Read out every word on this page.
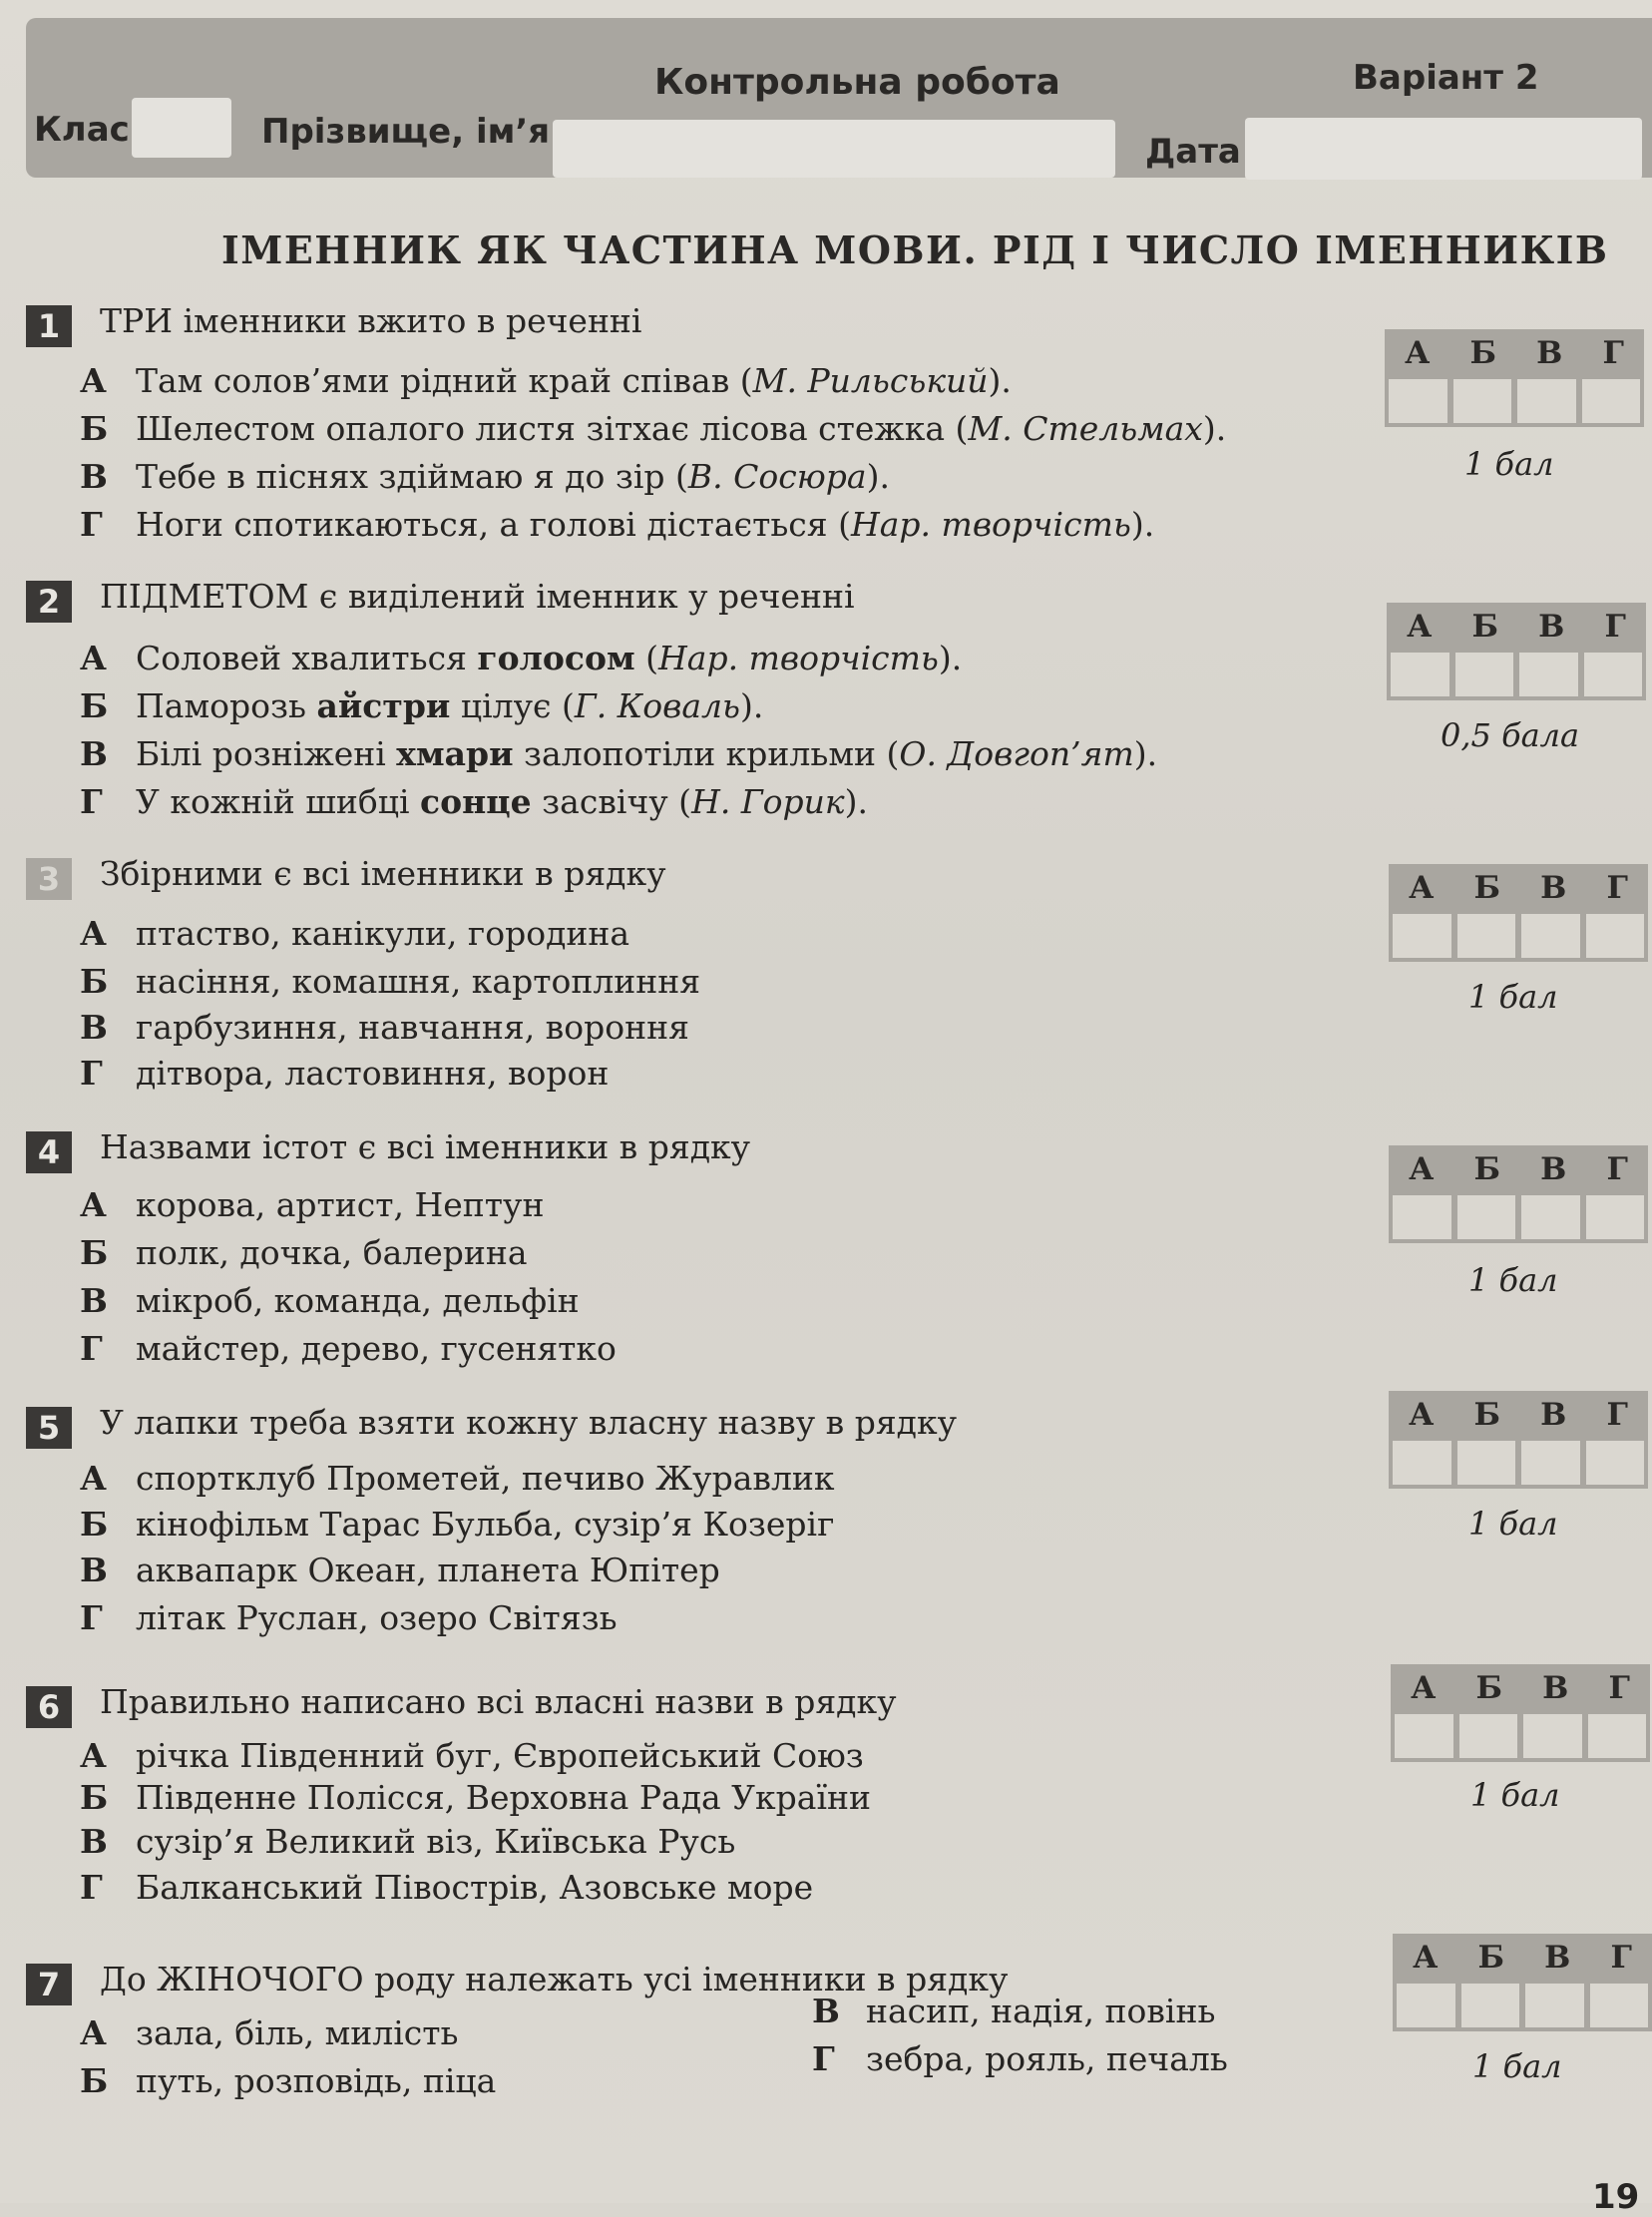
Контрольна робота	Варіант 2
Клас	Прізвище, ім’я	Дата
ІМЕННИК ЯК ЧАСТИНА МОВИ. РІД І ЧИСЛО ІМЕННИКІВ
1	ТРИ іменники вжито в реченні
А Там солов’ями рідний край співав (М. Рильський).
Б Шелестом опалого листя зітхає лісова стежка (М. Стельмах).
В Тебе в піснях здіймаю я до зір (В. Сосюра).
Г Ноги спотикаються, а голові дістається (Нар. творчість).
А Б В Г
1 бал
2	ПІДМЕТОМ є виділений іменник у реченні
А Соловей хвалиться голосом (Нар. творчість).
Б Паморозь айстри цілує (Г. Коваль).
В Білі розніжені хмари залопотіли крильми (О. Довгоп’ят).
Г У кожній шибці сонце засвічу (Н. Горик).
А Б В Г
0,5 бала
3	Збірними є всі іменники в рядку
А птаство, канікули, городина
Б насіння, комашня, картоплиння
В гарбузиння, навчання, вороння
Г дітвора, ластовиння, ворон
А Б В Г
1 бал
4	Назвами істот є всі іменники в рядку
А корова, артист, Нептун
Б полк, дочка, балерина
В мікроб, команда, дельфін
Г майстер, дерево, гусенятко
А Б В Г
1 бал
5	У лапки треба взяти кожну власну назву в рядку
А спортклуб Прометей, печиво Журавлик
Б кінофільм Тарас Бульба, сузір’я Козеріг
В аквапарк Океан, планета Юпітер
Г літак Руслан, озеро Світязь
А Б В Г
1 бал
6	Правильно написано всі власні назви в рядку
А річка Південний буг, Європейський Союз
Б Південне Полісся, Верховна Рада України
В сузір’я Великий віз, Київська Русь
Г Балканський Півострів, Азовське море
А Б В Г
1 бал
7	До ЖІНОЧОГО роду належать усі іменники в рядку
А зала, біль, милість
Б путь, розповідь, піца
В насип, надія, повінь
Г зебра, рояль, печаль
А Б В Г
1 бал
19
